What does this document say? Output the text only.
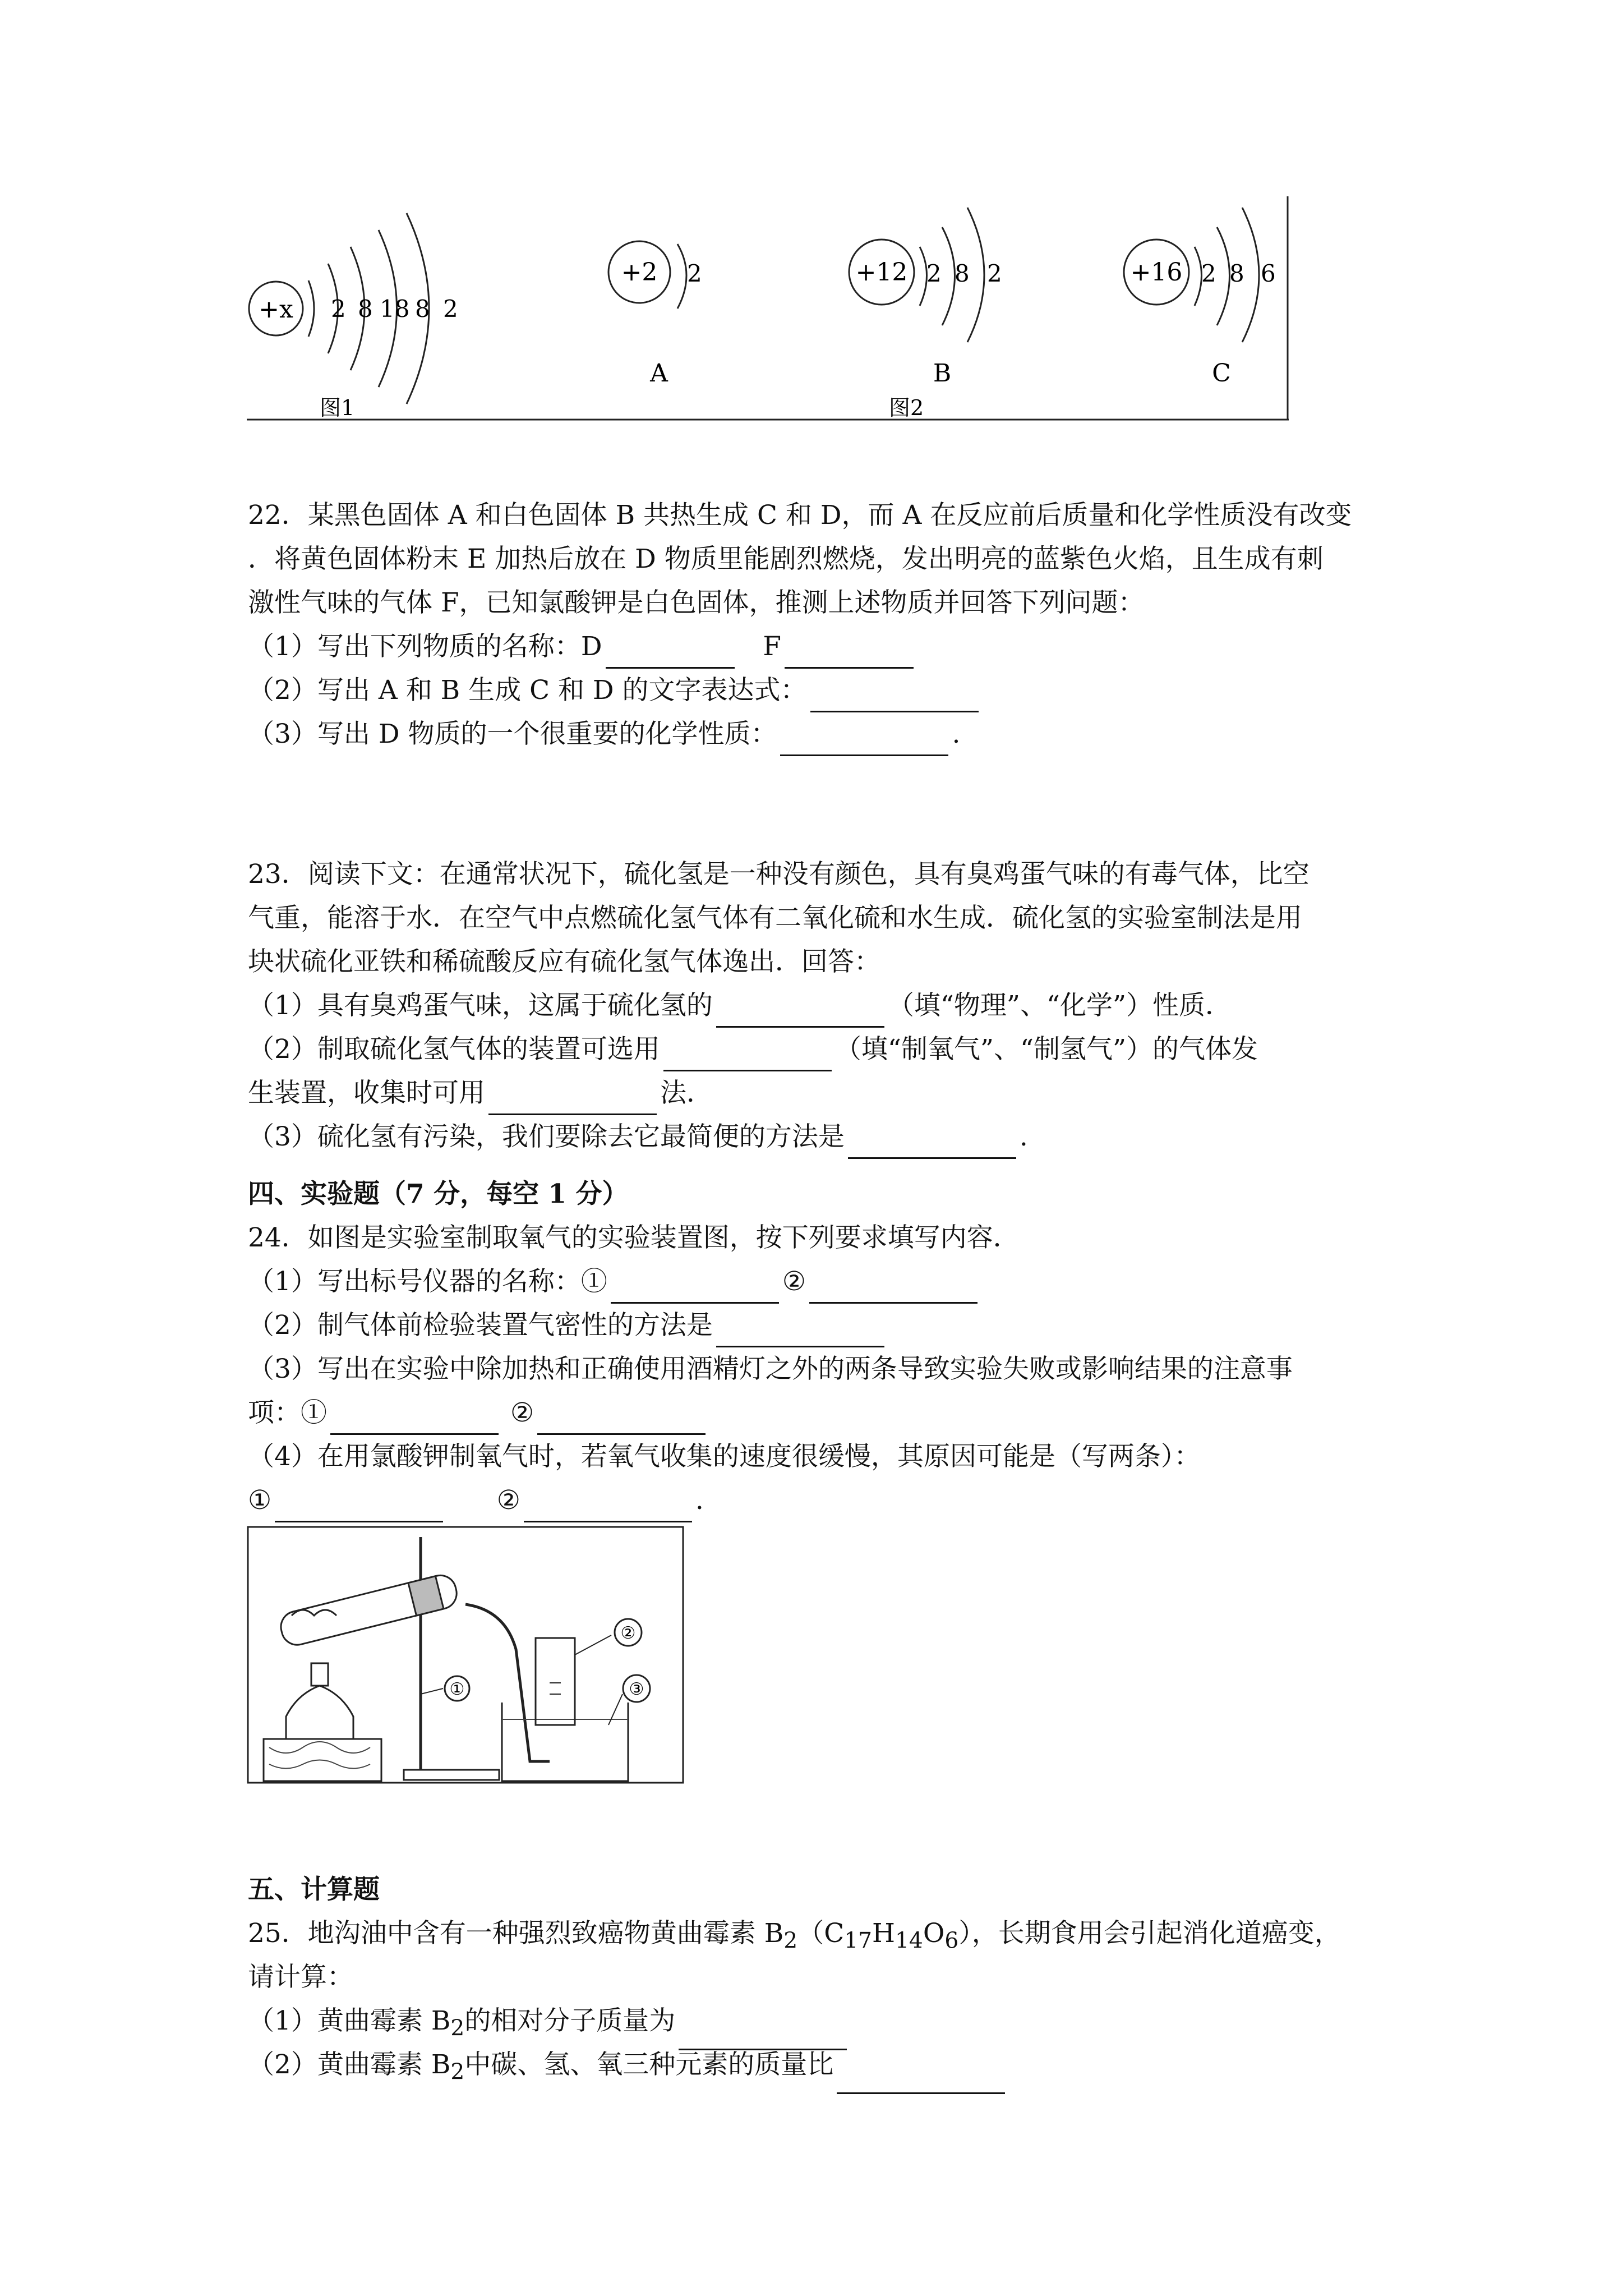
+x 2 8 18 8 2
图1
+2 2
A
+12 2 8 2
B
图2
+16 2 8 6
C
22．某黑色固体 A 和白色固体 B 共热生成 C 和 D，而 A 在反应前后质量和化学性质没有改变
．将黄色固体粉末 E 加热后放在 D 物质里能剧烈燃烧，发出明亮的蓝紫色火焰，且生成有刺
激性气味的气体 F，已知氯酸钾是白色固体，推测上述物质并回答下列问题：
（1）写出下列物质的名称：D	F
（2）写出 A 和 B 生成 C 和 D 的文字表达式：
（3）写出 D 物质的一个很重要的化学性质：	.
23．阅读下文：在通常状况下，硫化氢是一种没有颜色，具有臭鸡蛋气味的有毒气体，比空
气重，能溶于水．在空气中点燃硫化氢气体有二氧化硫和水生成．硫化氢的实验室制法是用
块状硫化亚铁和稀硫酸反应有硫化氢气体逸出．回答：
（1）具有臭鸡蛋气味，这属于硫化氢的	（填“物理”、“化学”）性质．
（2）制取硫化氢气体的装置可选用	（填“制氧气”、“制氢气”）的气体发
生装置，收集时可用	法．
（3）硫化氢有污染，我们要除去它最简便的方法是	.
四、实验题（7 分，每空 1 分）
24．如图是实验室制取氧气的实验装置图，按下列要求填写内容．
（1）写出标号仪器的名称：①	②
（2）制气体前检验装置气密性的方法是
（3）写出在实验中除加热和正确使用酒精灯之外的两条导致实验失败或影响结果的注意事
项：①	②
（4）在用氯酸钾制氧气时，若氧气收集的速度很缓慢，其原因可能是（写两条）：
①	②	.
①
②
③
五、计算题
25．地沟油中含有一种强烈致癌物黄曲霉素 $B_2(C_{17}H_{14}O_6)$，长期食用会引起消化道癌变，
请计算：
（1）黄曲霉素 $B_2$的相对分子质量为
（2）黄曲霉素 $B_2$中碳、氢、氧三种元素的质量比
